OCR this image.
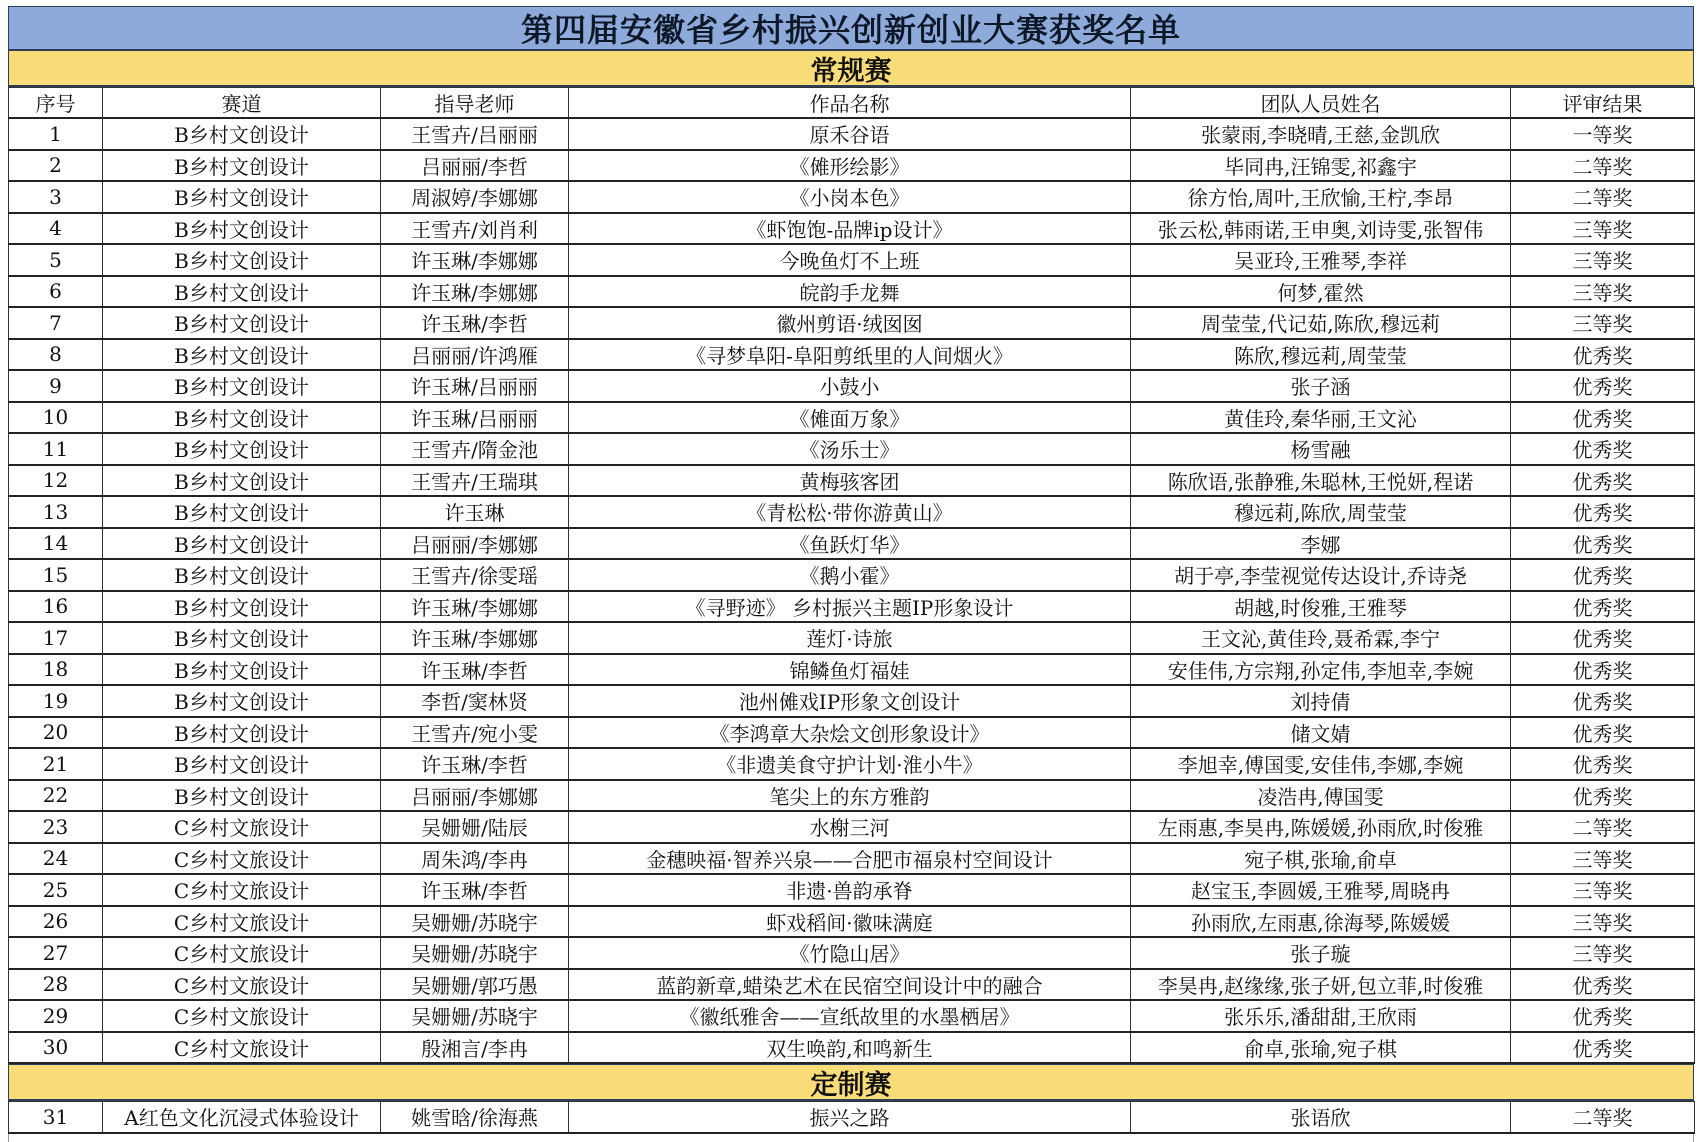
第四届安徽省乡村振兴创新创业大赛获奖名单
常规赛
序号	赛道	指导老师	作品名称	团队人员姓名	评审结果
1	B乡村文创设计	王雪卉/吕丽丽	原禾谷语	张蒙雨,李晓晴,王慈,金凯欣	一等奖
2	B乡村文创设计	吕丽丽/李哲	《傩形绘影》	毕同冉,汪锦雯,祁鑫宇	二等奖
3	B乡村文创设计	周淑婷/李娜娜	《小岗本色》	徐方怡,周叶,王欣愉,王柠,李昂	二等奖
4	B乡村文创设计	王雪卉/刘肖利	《虾饱饱-品牌ip设计》	张云松,韩雨诺,王申奥,刘诗雯,张智伟	三等奖
5	B乡村文创设计	许玉琳/李娜娜	今晚鱼灯不上班	吴亚玲,王雅琴,李祥	三等奖
6	B乡村文创设计	许玉琳/李娜娜	皖韵手龙舞	何梦,霍然	三等奖
7	B乡村文创设计	许玉琳/李哲	徽州剪语·绒囡囡	周莹莹,代记茹,陈欣,穆远莉	三等奖
8	B乡村文创设计	吕丽丽/许鸿雁	《寻梦阜阳-阜阳剪纸里的人间烟火》	陈欣,穆远莉,周莹莹	优秀奖
9	B乡村文创设计	许玉琳/吕丽丽	小鼓小	张子涵	优秀奖
10	B乡村文创设计	许玉琳/吕丽丽	《傩面万象》	黄佳玲,秦华丽,王文沁	优秀奖
11	B乡村文创设计	王雪卉/隋金池	《汤乐士》	杨雪融	优秀奖
12	B乡村文创设计	王雪卉/王瑞琪	黄梅骇客团	陈欣语,张静雅,朱聪林,王悦妍,程诺	优秀奖
13	B乡村文创设计	许玉琳	《青松松·带你游黄山》	穆远莉,陈欣,周莹莹	优秀奖
14	B乡村文创设计	吕丽丽/李娜娜	《鱼跃灯华》	李娜	优秀奖
15	B乡村文创设计	王雪卉/徐雯瑶	《鹅小霍》	胡于亭,李莹视觉传达设计,乔诗尧	优秀奖
16	B乡村文创设计	许玉琳/李娜娜	《寻野迹》 乡村振兴主题IP形象设计	胡越,时俊雅,王雅琴	优秀奖
17	B乡村文创设计	许玉琳/李娜娜	莲灯·诗旅	王文沁,黄佳玲,聂希霖,李宁	优秀奖
18	B乡村文创设计	许玉琳/李哲	锦鳞鱼灯福娃	安佳伟,方宗翔,孙定伟,李旭幸,李婉	优秀奖
19	B乡村文创设计	李哲/窦林贤	池州傩戏IP形象文创设计	刘持倩	优秀奖
20	B乡村文创设计	王雪卉/宛小雯	《李鸿章大杂烩文创形象设计》	储文婧	优秀奖
21	B乡村文创设计	许玉琳/李哲	《非遗美食守护计划·淮小牛》	李旭幸,傅国雯,安佳伟,李娜,李婉	优秀奖
22	B乡村文创设计	吕丽丽/李娜娜	笔尖上的东方雅韵	凌浩冉,傅国雯	优秀奖
23	C乡村文旅设计	吴姗姗/陆辰	水榭三河	左雨惠,李昊冉,陈媛媛,孙雨欣,时俊雅	二等奖
24	C乡村文旅设计	周朱鸿/李冉	金穗映福·智养兴泉——合肥市福泉村空间设计	宛子棋,张瑜,俞卓	三等奖
25	C乡村文旅设计	许玉琳/李哲	非遗·兽韵承脊	赵宝玉,李圆媛,王雅琴,周晓冉	三等奖
26	C乡村文旅设计	吴姗姗/苏晓宇	虾戏稻间·徽味满庭	孙雨欣,左雨惠,徐海琴,陈媛媛	三等奖
27	C乡村文旅设计	吴姗姗/苏晓宇	《竹隐山居》	张子璇	三等奖
28	C乡村文旅设计	吴姗姗/郭巧愚	蓝韵新章,蜡染艺术在民宿空间设计中的融合	李昊冉,赵缘缘,张子妍,包立菲,时俊雅	优秀奖
29	C乡村文旅设计	吴姗姗/苏晓宇	《徽纸雅舍——宣纸故里的水墨栖居》	张乐乐,潘甜甜,王欣雨	优秀奖
30	C乡村文旅设计	殷湘言/李冉	双生唤韵,和鸣新生	俞卓,张瑜,宛子棋	优秀奖
定制赛
31	A红色文化沉浸式体验设计	姚雪晗/徐海燕	振兴之路	张语欣	二等奖
